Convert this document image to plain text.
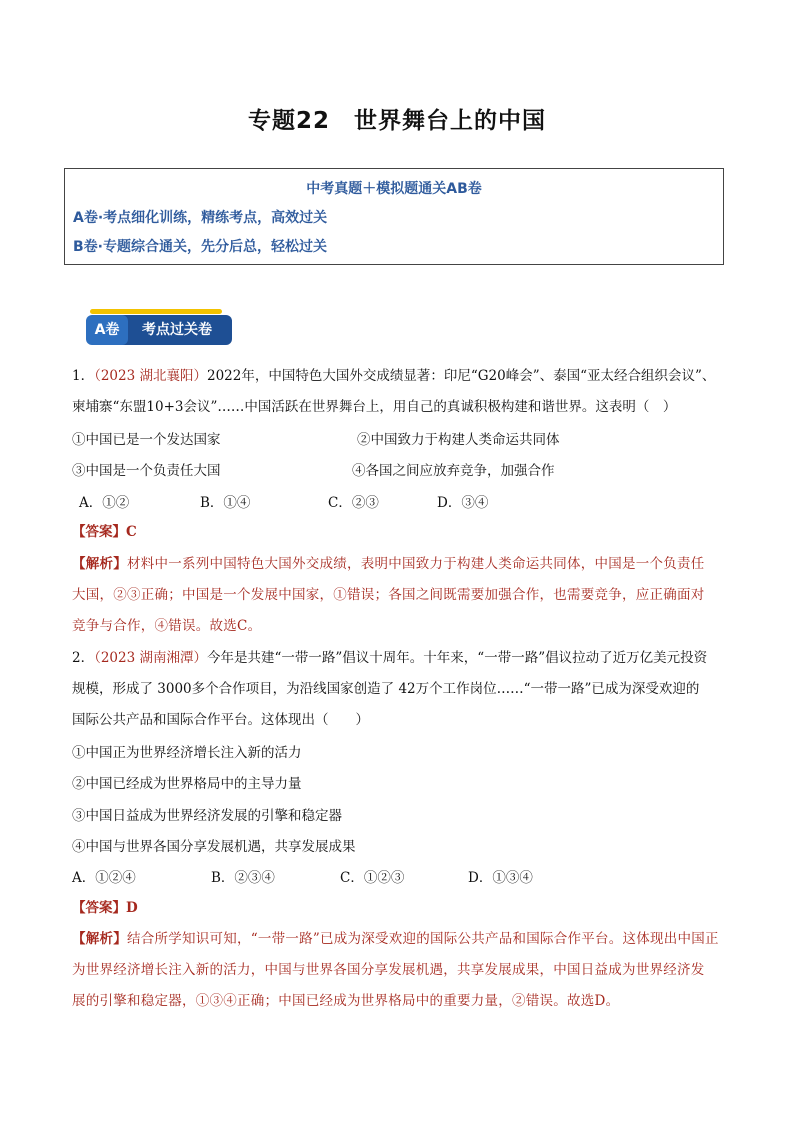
专题22　世界舞台上的中国
中考真题＋模拟题通关AB卷
A卷·考点细化训练，精练考点，高效过关
B卷·专题综合通关，先分后总，轻松过关
考点过关卷
A卷
1．（2023 湖北襄阳）2022年，中国特色大国外交成绩显著：印尼“G20峰会”、泰国“亚太经合组织会议”、
柬埔寨“东盟10+3会议”……中国活跃在世界舞台上，用自己的真诚积极构建和谐世界。这表明（　）
①中国已是一个发达国家	②中国致力于构建人类命运共同体
③中国是一个负责任大国	④各国之间应放弃竞争，加强合作
A．①②	B．①④	C．②③	D．③④
【答案】C
【解析】材料中一系列中国特色大国外交成绩，表明中国致力于构建人类命运共同体，中国是一个负责任
大国，②③正确；中国是一个发展中国家，①错误；各国之间既需要加强合作，也需要竞争，应正确面对
竞争与合作，④错误。故选C。
2．（2023 湖南湘潭）今年是共建“一带一路”倡议十周年。十年来，“一带一路”倡议拉动了近万亿美元投资
规模，形成了 3000多个合作项目，为沿线国家创造了 42万个工作岗位……“一带一路”已成为深受欢迎的
国际公共产品和国际合作平台。这体现出（　　）
①中国正为世界经济增长注入新的活力
②中国已经成为世界格局中的主导力量
③中国日益成为世界经济发展的引擎和稳定器
④中国与世界各国分享发展机遇，共享发展成果
A．①②④	B．②③④	C．①②③	D．①③④
【答案】D
【解析】结合所学知识可知，“一带一路”已成为深受欢迎的国际公共产品和国际合作平台。这体现出中国正
为世界经济增长注入新的活力，中国与世界各国分享发展机遇，共享发展成果，中国日益成为世界经济发
展的引擎和稳定器，①③④正确；中国已经成为世界格局中的重要力量，②错误。故选D。
